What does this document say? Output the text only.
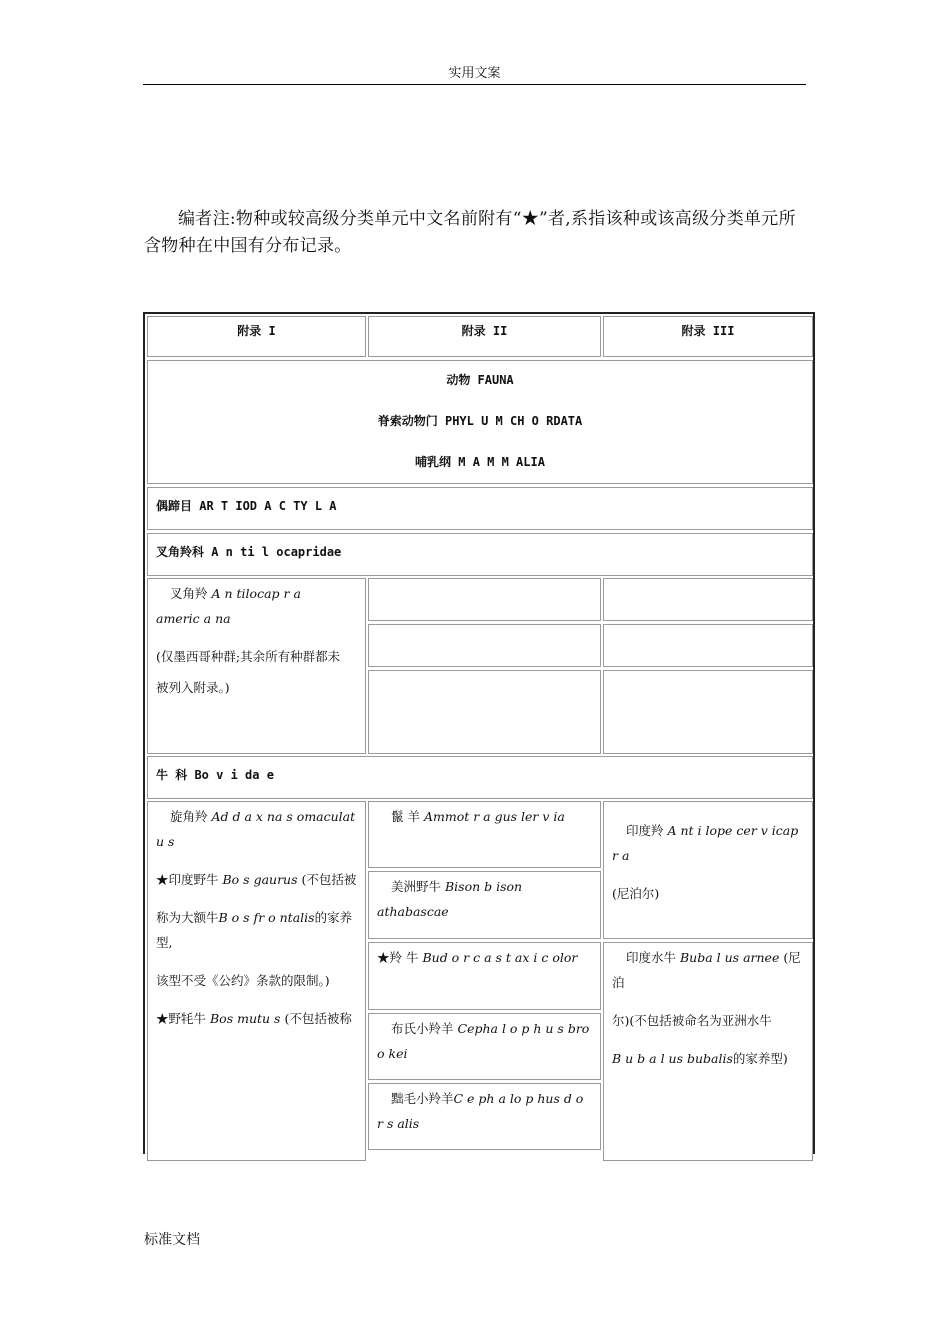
实用文案
编者注:物种或较高级分类单元中文名前附有“★”者,系指该种或该高级分类单元所含物种在中国有分布记录。
附录 I	附录 II	附录 III
动物 FAUNA
脊索动物门 PHYL U M CH O RDATA
哺乳纲 M A M M ALIA
偶蹄目 AR T IOD A C TY L A
叉角羚科 A n ti l ocapridae

叉角羚 A n tilocap r a
americ a na

(仅墨西哥种群;其余所有种群都未

被列入附录。)

牛 科 Bo v i da e

旋角羚 Ad d a x na s omaculat u s

★印度野牛 Bo s gaurus (不包括被

称为大额牛B o s fr o ntalis的家养型,

该型不受《公约》条款的限制。)

★野牦牛 Bos mutu s (不包括被称

鬣 羊 Ammot r a gus ler v ia
美洲野牛 Bison b ison athabascae
★羚 牛 Bud o r c a s t ax i c olor
布氏小羚羊 Cepha l o p h u s bro o kei
黜毛小羚羊C e ph a lo p hus d o r s alis

印度羚 A nt i lope cer v icap r a

(尼泊尔)

印度水牛 Buba l us arnee (尼泊

尔)(不包括被命名为亚洲水牛

B u b a l us bubalis的家养型)

标准文档
